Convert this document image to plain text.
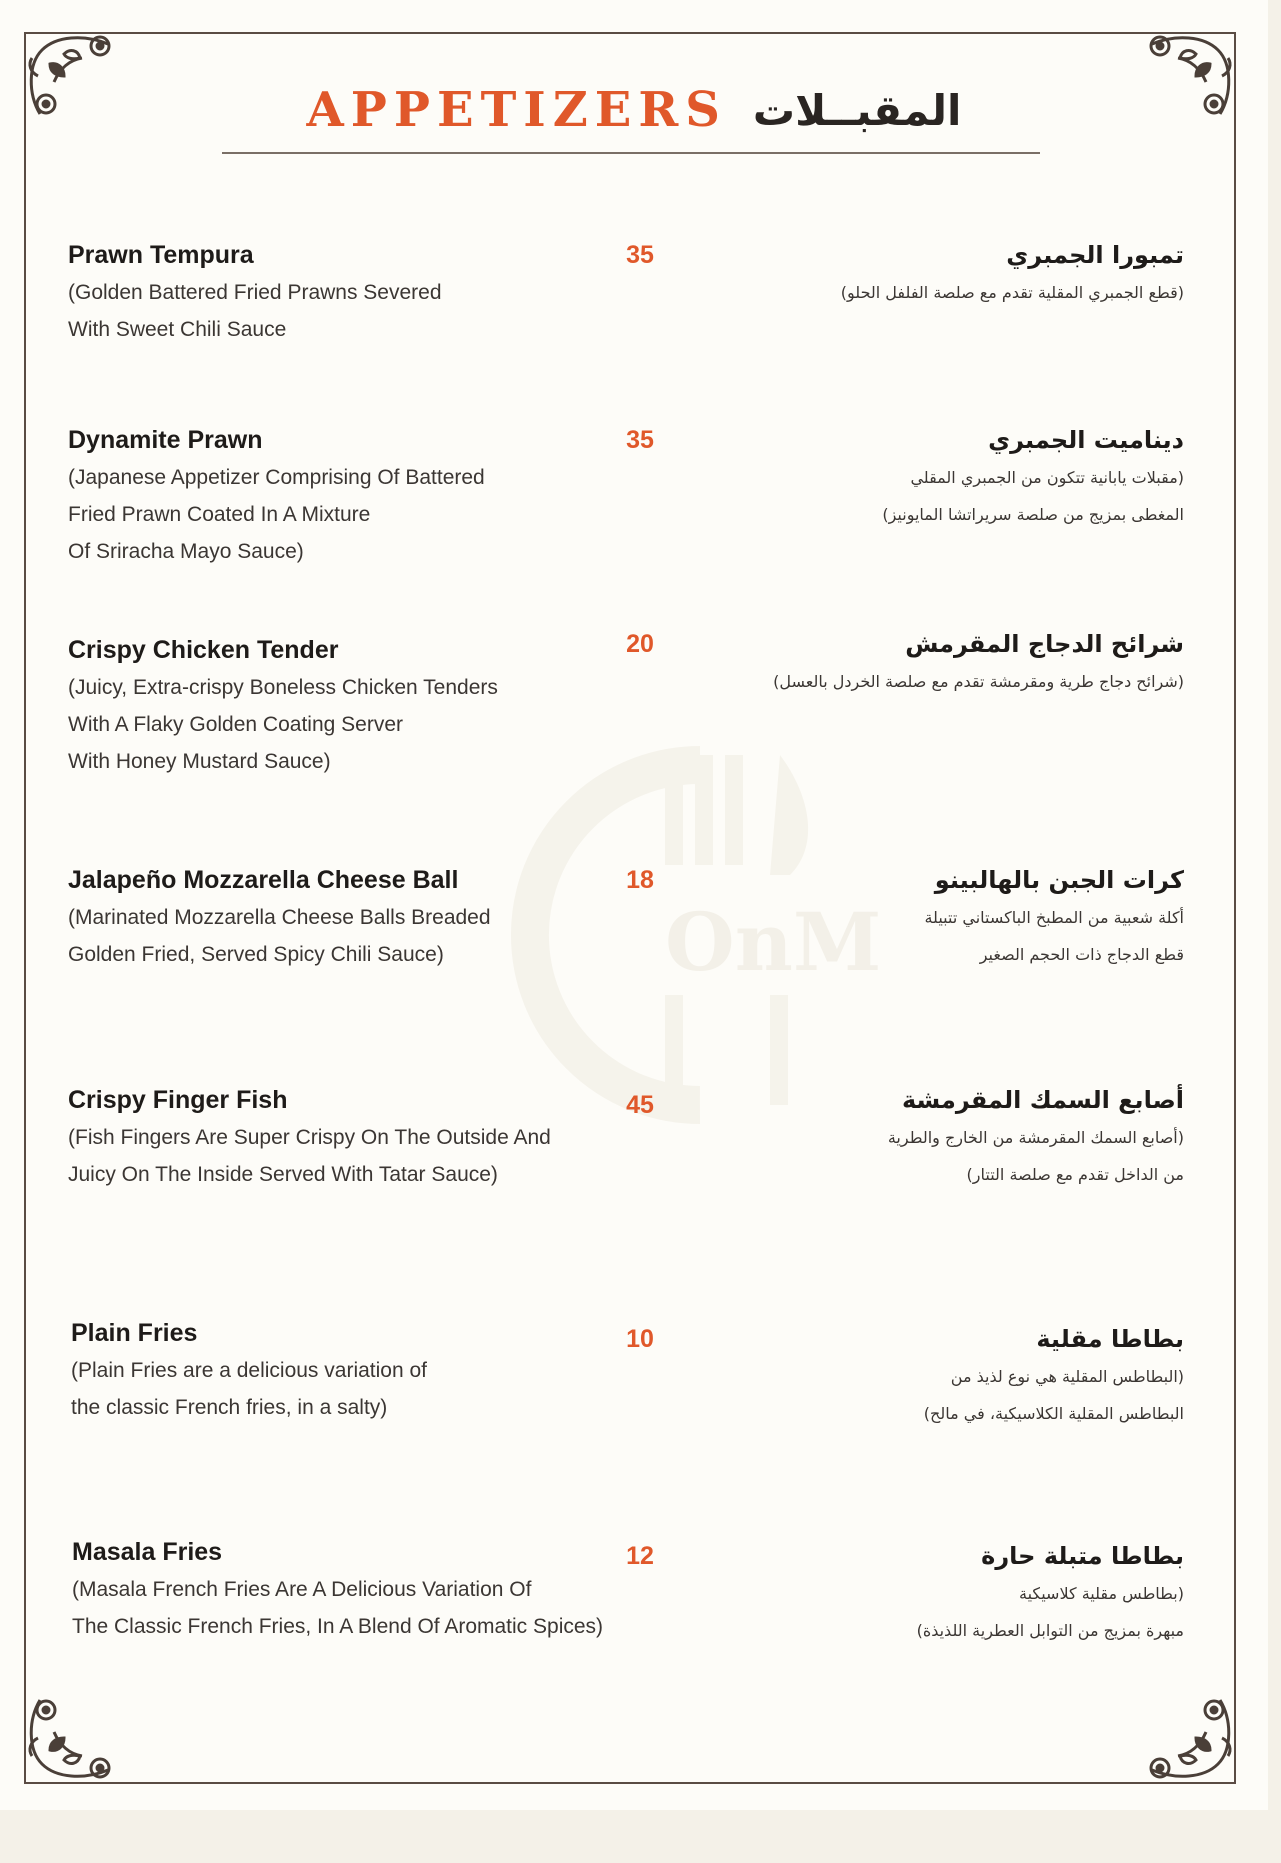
APPETIZERS المقبــلات
OnM
Prawn Tempura
(Golden Battered Fried Prawns Severed
With Sweet Chili Sauce
35	تمبورا الجمبري
(قطع الجمبري المقلية تقدم مع صلصة الفلفل الحلو)
Dynamite Prawn
(Japanese Appetizer Comprising Of Battered
Fried Prawn Coated In A Mixture
Of Sriracha Mayo Sauce)
35	ديناميت الجمبري
(مقبلات يابانية تتكون من الجمبري المقلي
المغطى بمزيج من صلصة سريراتشا المايونيز)
Crispy Chicken Tender
(Juicy, Extra-crispy Boneless Chicken Tenders
With A Flaky Golden Coating Server
With Honey Mustard Sauce)
20	شرائح الدجاج المقرمش
(شرائح دجاج طرية ومقرمشة تقدم مع صلصة الخردل بالعسل)
Jalapeño Mozzarella Cheese Ball
(Marinated Mozzarella Cheese Balls Breaded
Golden Fried, Served Spicy Chili Sauce)
18	كرات الجبن بالهالبينو
أكلة شعبية من المطبخ الباكستاني تتبيلة
قطع الدجاج ذات الحجم الصغير
Crispy Finger Fish
(Fish Fingers Are Super Crispy On The Outside And
Juicy On The Inside Served With Tatar Sauce)
45	أصابع السمك المقرمشة
(أصابع السمك المقرمشة من الخارج والطرية
من الداخل تقدم مع صلصة التتار)
Plain Fries
(Plain Fries are a delicious variation of
the classic French fries, in a salty)
10	بطاطا مقلية
(البطاطس المقلية هي نوع لذيذ من
البطاطس المقلية الكلاسيكية، في مالح)
Masala Fries
(Masala French Fries Are A Delicious Variation Of
The Classic French Fries, In A Blend Of Aromatic Spices)
12	بطاطا متبلة حارة
(بطاطس مقلية كلاسيكية
مبهرة بمزيج من التوابل العطرية اللذيذة)
